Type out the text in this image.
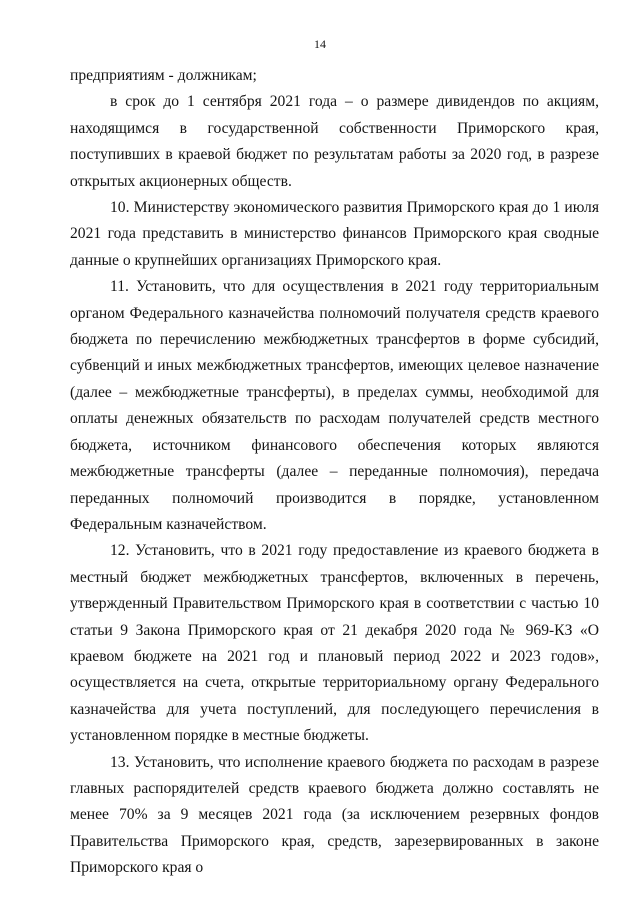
14

предприятиям - должникам;

в срок до 1 сентября 2021 года – о размере дивидендов по акциям, находящимся в государственной собственности Приморского края, поступивших в краевой бюджет по результатам работы за 2020 год, в разрезе открытых акционерных обществ.

10. Министерству экономического развития Приморского края до 1 июля 2021 года представить в министерство финансов Приморского края сводные данные о крупнейших организациях Приморского края.

11. Установить, что для осуществления в 2021 году территориальным органом Федерального казначейства полномочий получателя средств краевого бюджета по перечислению межбюджетных трансфертов в форме субсидий, субвенций и иных межбюджетных трансфертов, имеющих целевое назначение (далее – межбюджетные трансферты), в пределах суммы, необходимой для оплаты денежных обязательств по расходам получателей средств местного бюджета, источником финансового обеспечения которых являются межбюджетные трансферты (далее – переданные полномочия), передача переданных полномочий производится в порядке, установленном Федеральным казначейством.

12. Установить, что в 2021 году предоставление из краевого бюджета в местный бюджет межбюджетных трансфертов, включенных в перечень, утвержденный Правительством Приморского края в соответствии с частью 10 статьи 9 Закона Приморского края от 21 декабря 2020 года № 969-КЗ «О краевом бюджете на 2021 год и плановый период 2022 и 2023 годов», осуществляется на счета, открытые территориальному органу Федерального казначейства для учета поступлений, для последующего перечисления в установленном порядке в местные бюджеты.

13. Установить, что исполнение краевого бюджета по расходам в разрезе главных распорядителей средств краевого бюджета должно составлять не менее 70% за 9 месяцев 2021 года (за исключением резервных фондов Правительства Приморского края, средств, зарезервированных в законе Приморского края о
